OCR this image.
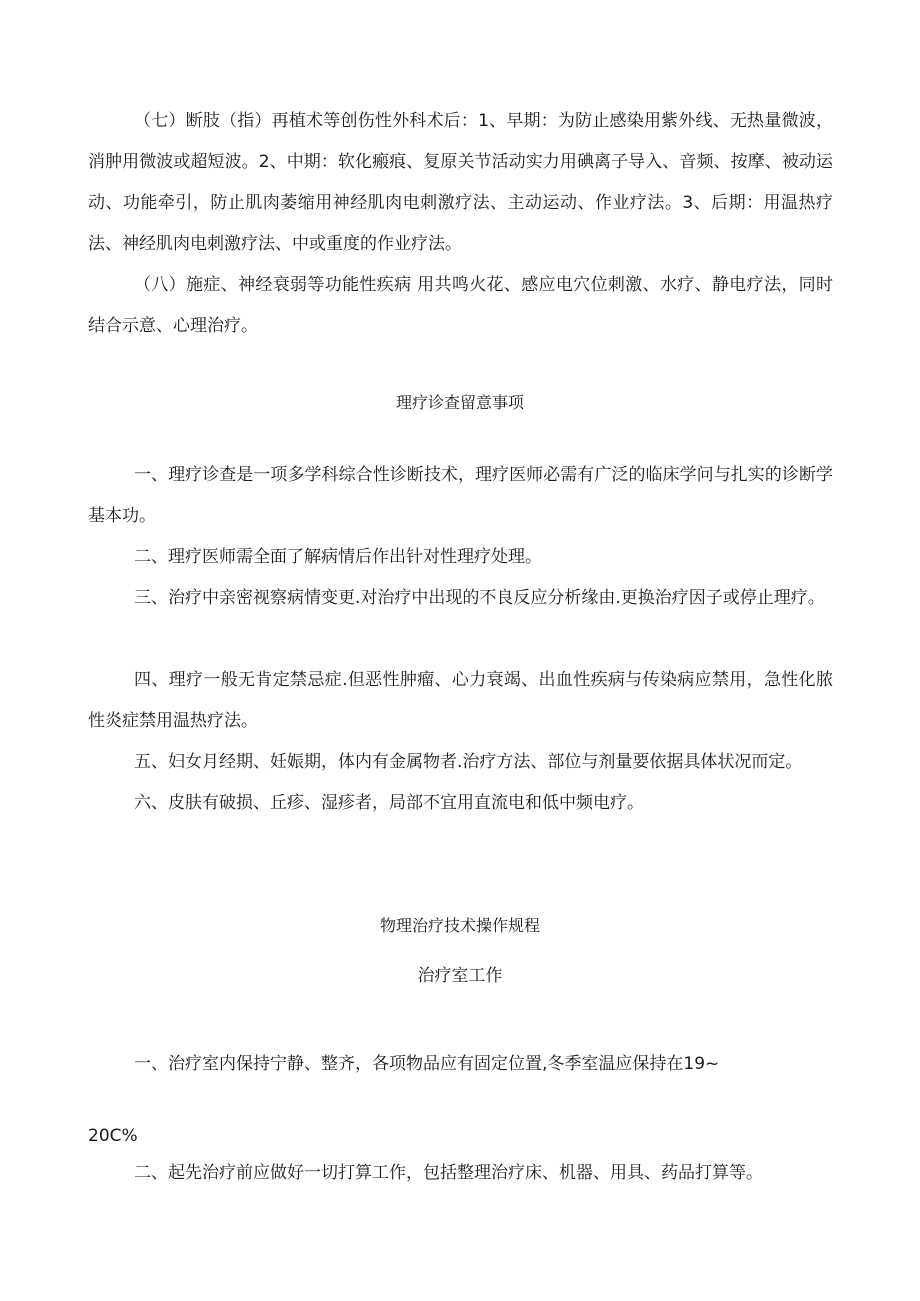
（七）断肢（指）再植术等创伤性外科术后：1、早期：为防止感染用紫外线、无热量微波，消肿用微波或超短波。2、中期：软化瘢痕、复原关节活动实力用碘离子导入、音频、按摩、被动运动、功能牵引，防止肌肉萎缩用神经肌肉电刺激疗法、主动运动、作业疗法。3、后期：用温热疗法、神经肌肉电刺激疗法、中或重度的作业疗法。

（八）施症、神经衰弱等功能性疾病 用共鸣火花、感应电穴位刺激、水疗、静电疗法，同时结合示意、心理治疗。

理疗诊查留意事项

一、理疗诊查是一项多学科综合性诊断技术，理疗医师必需有广泛的临床学问与扎实的诊断学基本功。

二、理疗医师需全面了解病情后作出针对性理疗处理。

三、治疗中亲密视察病情变更.对治疗中出现的不良反应分析缘由.更换治疗因子或停止理疗。

四、理疗一般无肯定禁忌症.但恶性肿瘤、心力衰竭、出血性疾病与传染病应禁用，急性化脓性炎症禁用温热疗法。

五、妇女月经期、妊娠期，体内有金属物者.治疗方法、部位与剂量要依据具体状况而定。

六、皮肤有破损、丘疹、湿疹者，局部不宜用直流电和低中频电疗。

物理治疗技术操作规程
治疗室工作

一、治疗室内保持宁静、整齐，各项物品应有固定位置,冬季室温应保持在19~

20C%

二、起先治疗前应做好一切打算工作，包括整理治疗床、机器、用具、药品打算等。
